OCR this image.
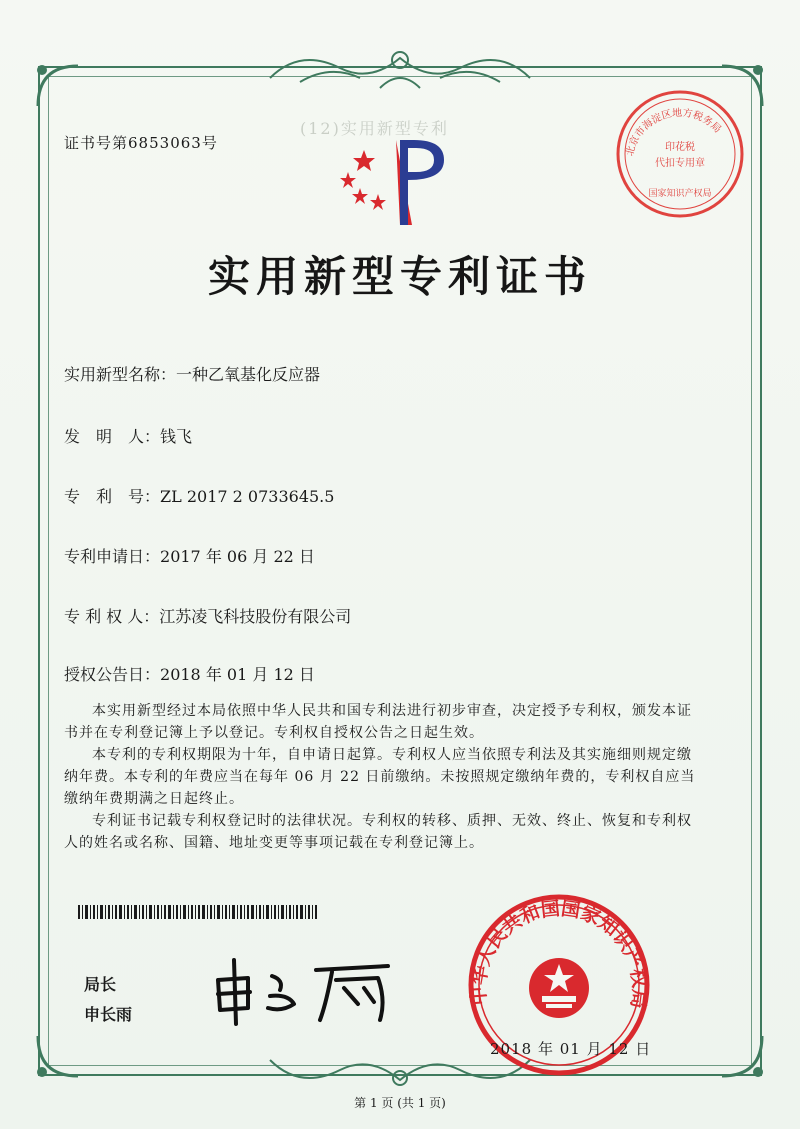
证书号第6853063号
(12)实用新型专利
北京市海淀区地方税务局
印花税
代扣专用章
国家知识产权局
实用新型专利证书
实用新型名称：一种乙氧基化反应器
发　明　人：钱飞
专　利　号：ZL 2017 2 0733645.5
专利申请日：2017 年 06 月 22 日
专 利 权 人：江苏凌飞科技股份有限公司
授权公告日：2018 年 01 月 12 日

本实用新型经过本局依照中华人民共和国专利法进行初步审查，决定授予专利权，颁发本证书并在专利登记簿上予以登记。专利权自授权公告之日起生效。

本专利的专利权期限为十年，自申请日起算。专利权人应当依照专利法及其实施细则规定缴纳年费。本专利的年费应当在每年 06 月 22 日前缴纳。未按照规定缴纳年费的，专利权自应当缴纳年费期满之日起终止。

专利证书记载专利权登记时的法律状况。专利权的转移、质押、无效、终止、恢复和专利权人的姓名或名称、国籍、地址变更等事项记载在专利登记簿上。

局长
申长雨
中华人民共和国国家知识产权局
2018 年 01 月 12 日
第 1 页 (共 1 页)
